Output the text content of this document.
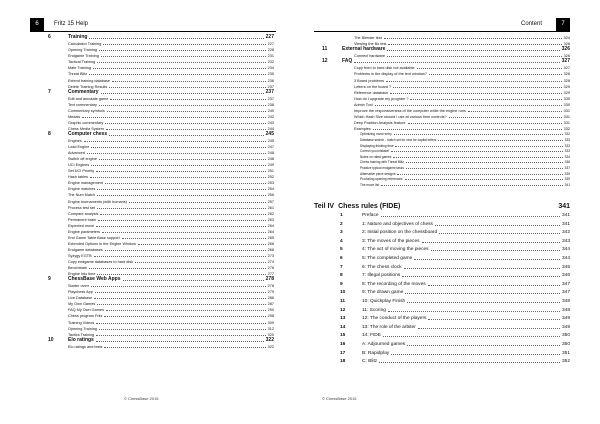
6	Fritz 15 Help
6	Training	227
Calculation Training	227
Opening Training	228
Endgame Training	231
Tactical Training	232
Mate Training	234
Threat Blitz	235
Extend training database	236
Delete Training Results	237
7	Commentary	237
Edit and annotate game	237
Text commentary	238
Commentary symbols	240
Medals	242
Graphic commentary	243
Chess Media System	244
8	Computer chess	245
Engines	245
Load Engine	247
Advanced	248
Switch off engine	248
UCI Engines	249
Set UCI Priority	251
Hash tables	252
Engine management	253
Engine matches	254
The Num Match	256
Engine tournaments (with humans)	257
Process test set	261
Compare analysis	262
Permanent brain	263
Expected move	264
Engine parameters	264
End Game Table Base support	265
Extended Options in the Engine Window	266
Endgame databases	268
Syzygy EGTB	273
Copy endgame databases to hard disk	274
Benchmark	276
Engine Into time	277
9	ChessBase Web Apps	278
Starter overr	278
Playchess App	279
Live Database	286
My Own Games	287
FAQ My Own Games	290
Chess program Fritz	298
Training Videos	309
Opening Training	312
Tactics Training	320
10	Elo ratings	322
Elo ratings and tests	322
© ChessBase 2015
Content	7
The Blender test	324
Viewing the Bo test	326
11	External hardware	326
Connect hardware	326
12	FAQ	327
Copy from to hard disk not available	327
Problems in the display of the text window?	328
3 Board problems	328
Letters on the board ?	329
Reference database	329
How do I upgrade my program ?	330
Admin Tool	330
Improve the responsiveness of the computer while the engine runs	331
Which Hash Size should I use at various time controls?	331
Deep Position Analysis feature	331
Examples	332
Optimizing move entry	332
Database search - match set for new for capital letters	333
Displaying thinking time	333
Correct you mistake!	333
Notes on rated games	334
Chess training with Threat Blitz	336
Practice typical endgame tasks	337
Alternative piece designs	339
Producing opening references	339
The move list	341
1	Preface	341
2	1: Nature and objectives of chess	341
3	2: Initial position on the chessboard	342
4	3: The moves of the pieces	343
5	4: The act of moving the pieces	344
6	5: The completed game	344
7	6: The chess clock	345
8	7: Illegal positions	346
9	8: The recording of the moves	347
10	9: The drawn game	347
11	10: Quickplay Finish	348
12	11: Scoring	348
13	12: The conduct of the players	349
14	13: The role of the arbiter	349
15	14: FIDE	350
16	A: Adjourned games	350
17	B: Rapidplay	351
18	C: Blitz	352
Teil IV Chess rules (FIDE)	341
© ChessBase 2015
